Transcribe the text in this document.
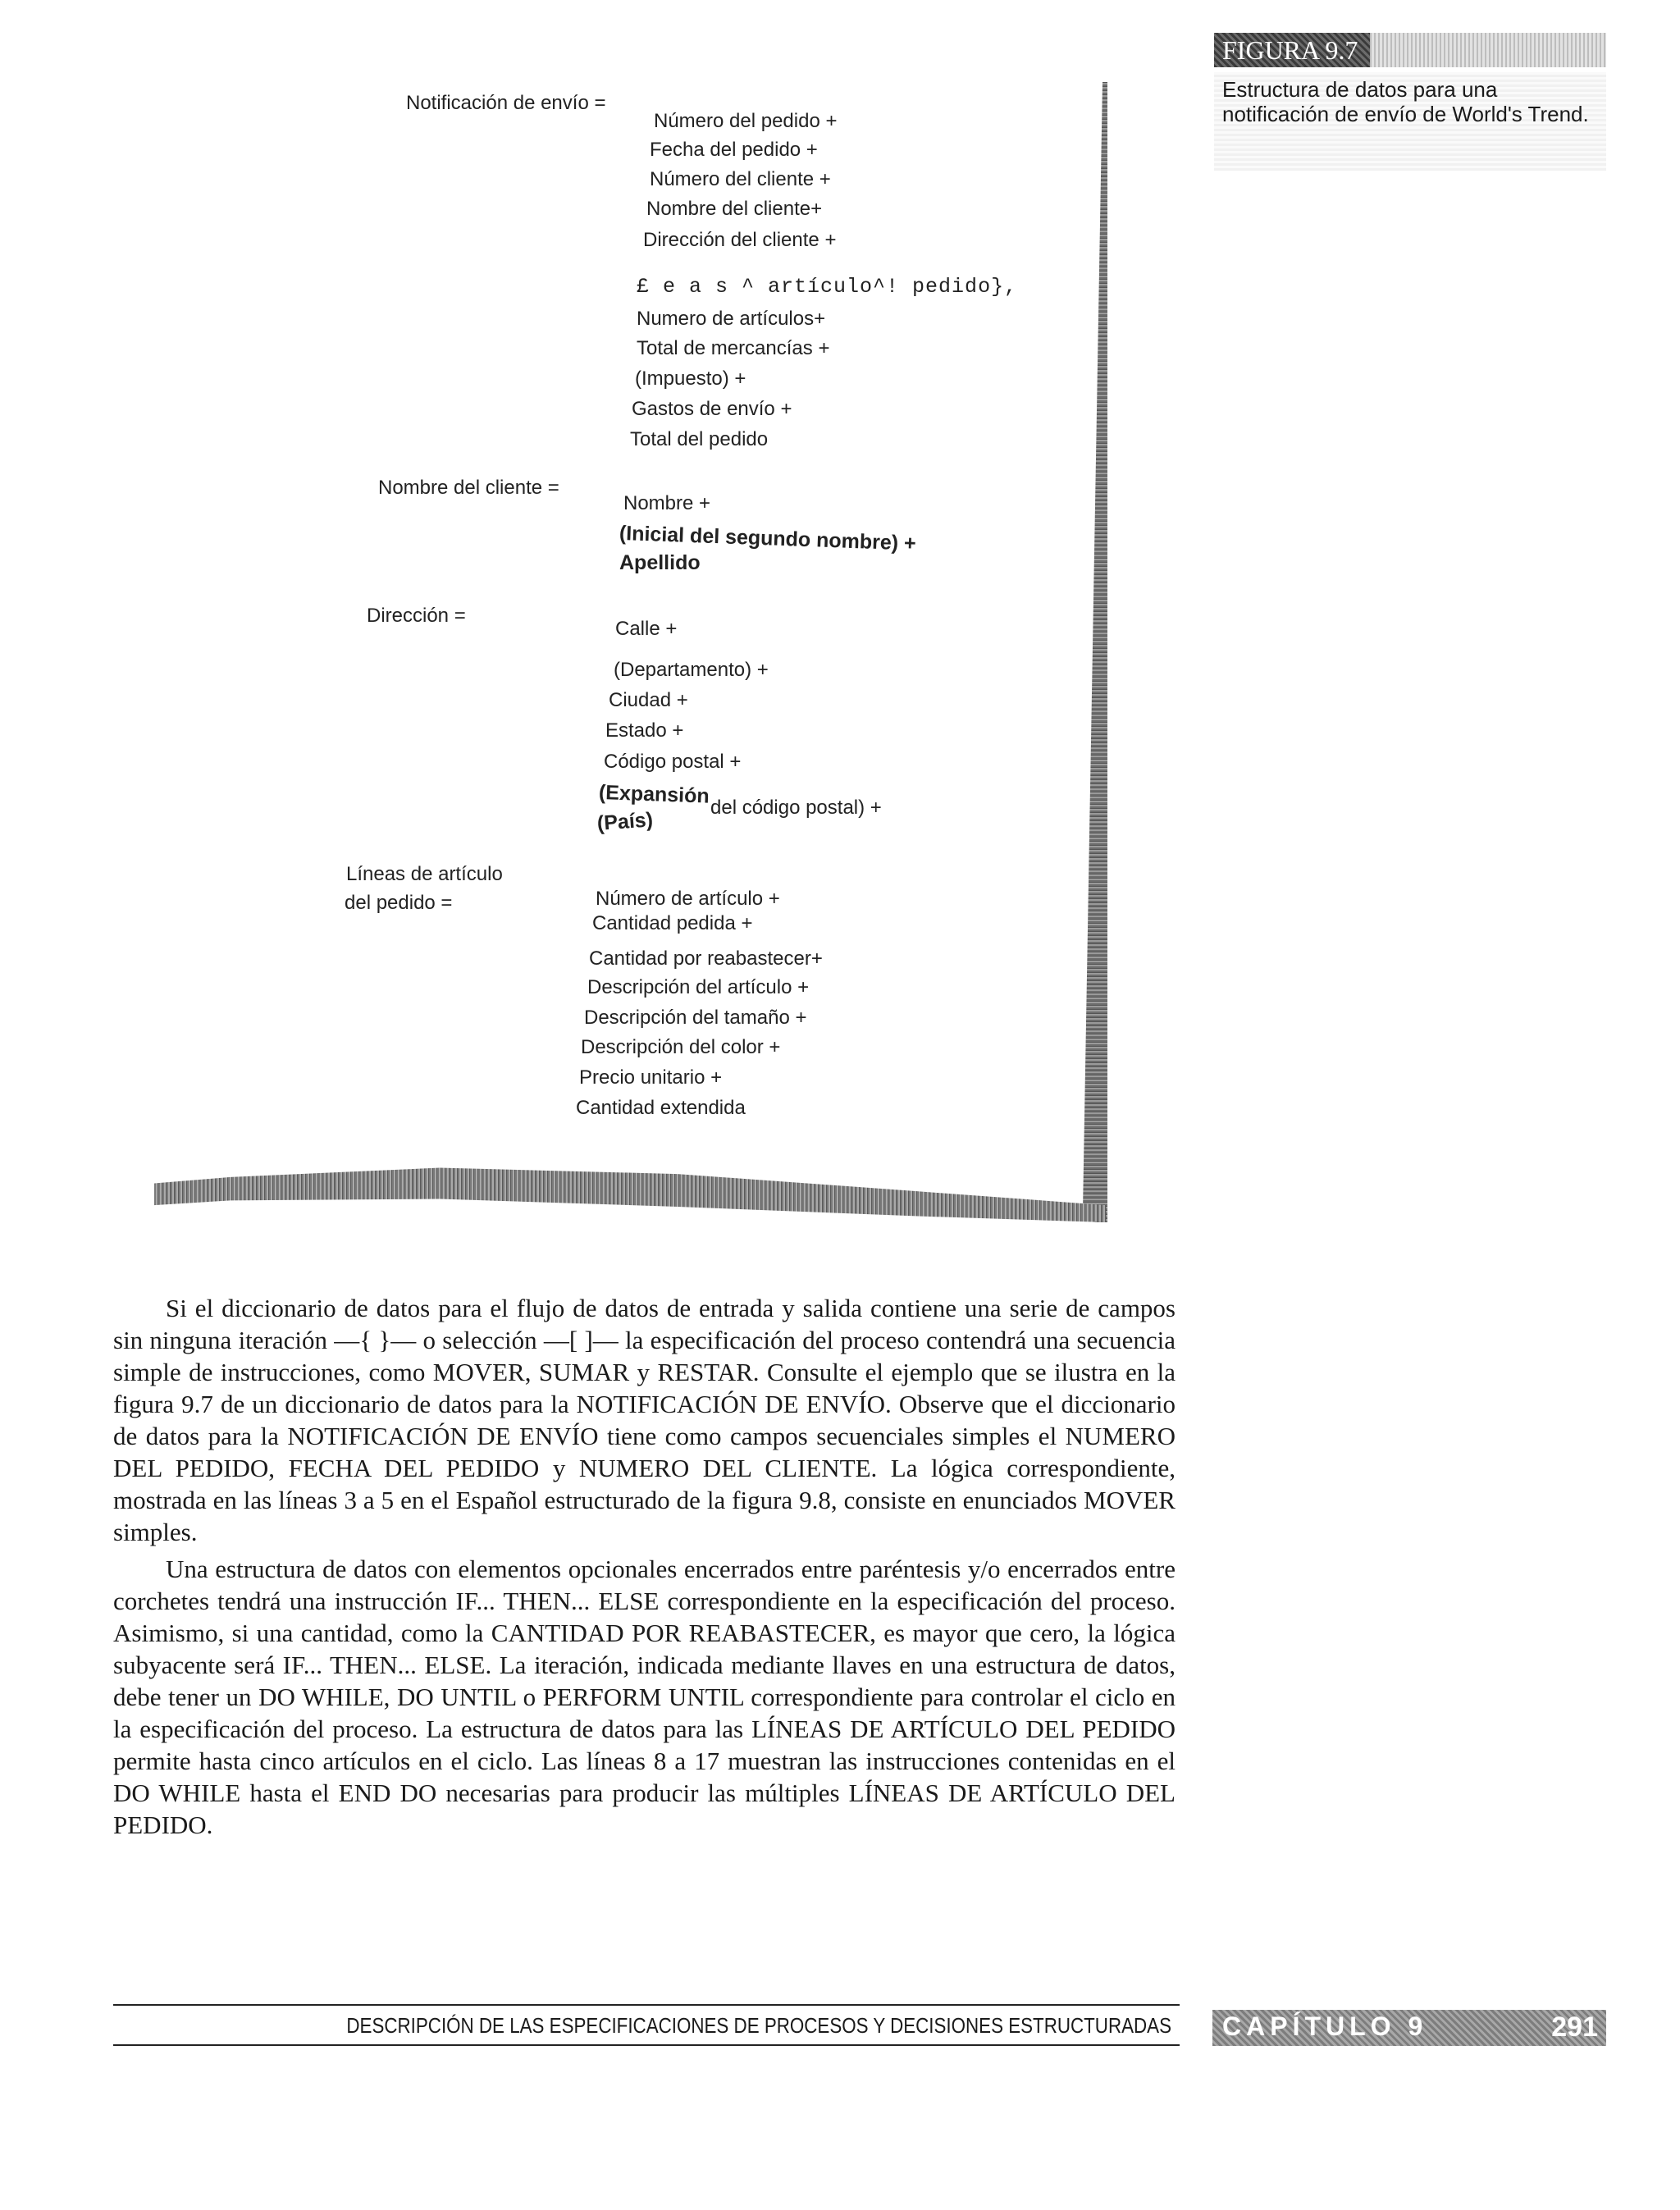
Notificación de envío =
Número del pedido +
Fecha del pedido +
Número del cliente +
Nombre del cliente+
Dirección del cliente +
£ e a s ^ artículo^! pedido},
Numero de artículos+
Total de mercancías +
(Impuesto) +
Gastos de envío +
Total del pedido
Nombre del cliente =
Nombre +
(Inicial del segundo nombre) +
Apellido
Dirección =
Calle +
(Departamento) +
Ciudad +
Estado +
Código postal +
(Expansión
(País)
del código postal) +
Líneas de artículo
del pedido =	Número de artículo +
Cantidad pedida +
Cantidad por reabastecer+
Descripción del artículo +
Descripción del tamaño +
Descripción del color +
Precio unitario +
Cantidad extendida
FIGURA 9.7
Estructura de datos para una notificación de envío de World's Trend.

Si el diccionario de datos para el flujo de datos de entrada y salida contiene una serie de campos sin ninguna iteración —{ }— o selección —[ ]— la especificación del proceso contendrá una secuencia simple de instrucciones, como MOVER, SUMAR y RESTAR. Consulte el ejemplo que se ilustra en la figura 9.7 de un diccionario de datos para la NOTIFICACIÓN DE ENVÍO. Observe que el diccionario de datos para la NOTIFICACIÓN DE ENVÍO tiene como campos secuenciales simples el NUMERO DEL PEDIDO, FECHA DEL PEDIDO y NUMERO DEL CLIENTE. La lógica correspondiente, mostrada en las líneas 3 a 5 en el Español estructurado de la figura 9.8, consiste en enunciados MOVER simples.

Una estructura de datos con elementos opcionales encerrados entre paréntesis y/o encerrados entre corchetes tendrá una instrucción IF... THEN... ELSE correspondiente en la especificación del proceso. Asimismo, si una cantidad, como la CANTIDAD POR REABASTECER, es mayor que cero, la lógica subyacente será IF... THEN... ELSE. La iteración, indicada mediante llaves en una estructura de datos, debe tener un DO WHILE, DO UNTIL o PERFORM UNTIL correspondiente para controlar el ciclo en la especificación del proceso. La estructura de datos para las LÍNEAS DE ARTÍCULO DEL PEDIDO permite hasta cinco artículos en el ciclo. Las líneas 8 a 17 muestran las instrucciones contenidas en el DO WHILE hasta el END DO necesarias para producir las múltiples LÍNEAS DE ARTÍCULO DEL PEDIDO.

DESCRIPCIÓN DE LAS ESPECIFICACIONES DE PROCESOS Y DECISIONES ESTRUCTURADAS CAPÍTULO 9	291
